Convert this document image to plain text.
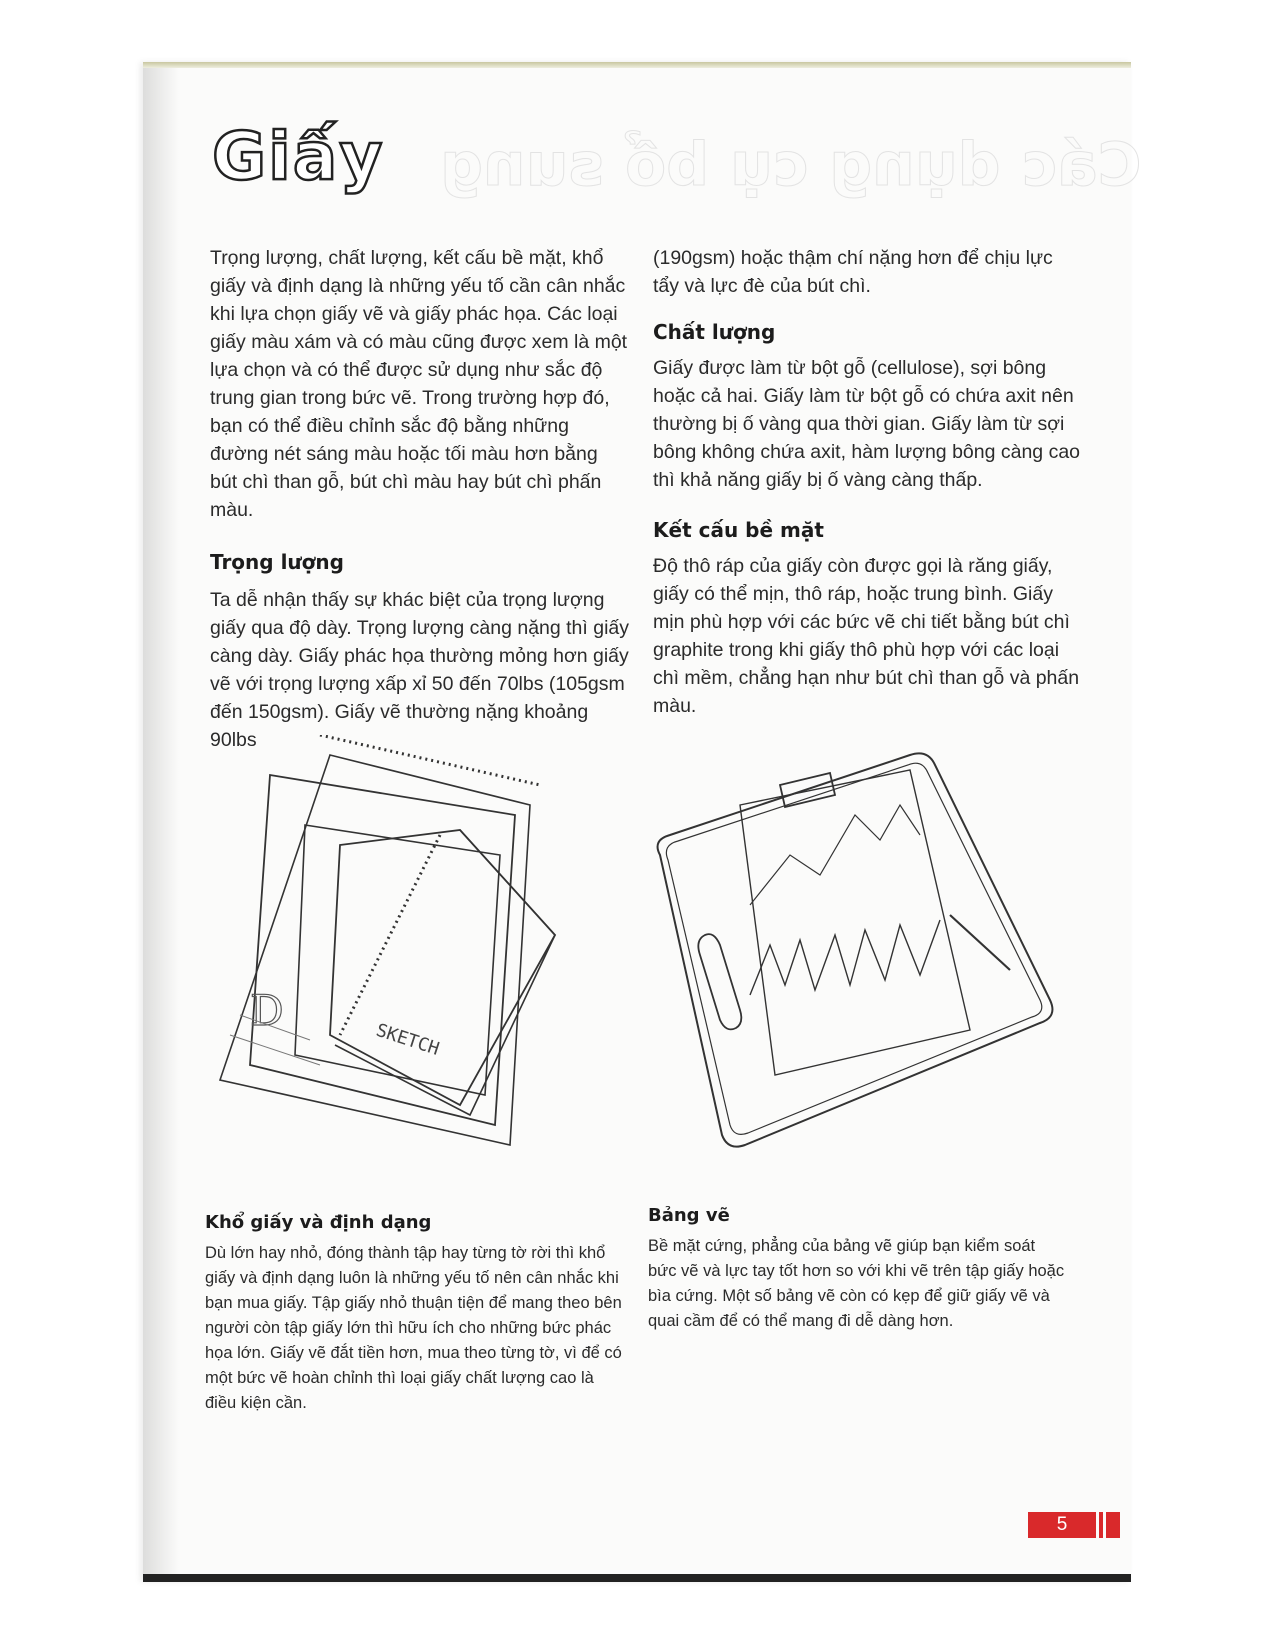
Các dụng cụ bổ sung
Giấy

Trọng lượng, chất lượng, kết cấu bề mặt, khổ giấy và định dạng là những yếu tố cần cân nhắc khi lựa chọn giấy vẽ và giấy phác họa. Các loại giấy màu xám và có màu cũng được xem là một lựa chọn và có thể được sử dụng như sắc độ trung gian trong bức vẽ. Trong trường hợp đó, bạn có thể điều chỉnh sắc độ bằng những đường nét sáng màu hoặc tối màu hơn bằng bút chì than gỗ, bút chì màu hay bút chì phấn màu.

Trọng lượng

Ta dễ nhận thấy sự khác biệt của trọng lượng giấy qua độ dày. Trọng lượng càng nặng thì giấy càng dày. Giấy phác họa thường mỏng hơn giấy vẽ với trọng lượng xấp xỉ 50 đến 70lbs (105gsm đến 150gsm). Giấy vẽ thường nặng khoảng 90lbs

(190gsm) hoặc thậm chí nặng hơn để chịu lực tẩy và lực đè của bút chì.

Chất lượng

Giấy được làm từ bột gỗ (cellulose), sợi bông hoặc cả hai. Giấy làm từ bột gỗ có chứa axit nên thường bị ố vàng qua thời gian. Giấy làm từ sợi bông không chứa axit, hàm lượng bông càng cao thì khả năng giấy bị ố vàng càng thấp.

Kết cấu bề mặt

Độ thô ráp của giấy còn được gọi là răng giấy, giấy có thể mịn, thô ráp, hoặc trung bình. Giấy mịn phù hợp với các bức vẽ chi tiết bằng bút chì graphite trong khi giấy thô phù hợp với các loại chì mềm, chẳng hạn như bút chì than gỗ và phấn màu.

SKETCH
D
Khổ giấy và định dạng

Dù lớn hay nhỏ, đóng thành tập hay từng tờ rời thì khổ giấy và định dạng luôn là những yếu tố nên cân nhắc khi bạn mua giấy. Tập giấy nhỏ thuận tiện để mang theo bên người còn tập giấy lớn thì hữu ích cho những bức phác họa lớn. Giấy vẽ đắt tiền hơn, mua theo từng tờ, vì để có một bức vẽ hoàn chỉnh thì loại giấy chất lượng cao là điều kiện cần.

Bảng vẽ

Bề mặt cứng, phẳng của bảng vẽ giúp bạn kiểm soát bức vẽ và lực tay tốt hơn so với khi vẽ trên tập giấy hoặc bìa cứng. Một số bảng vẽ còn có kẹp để giữ giấy vẽ và quai cầm để có thể mang đi dễ dàng hơn.

5
